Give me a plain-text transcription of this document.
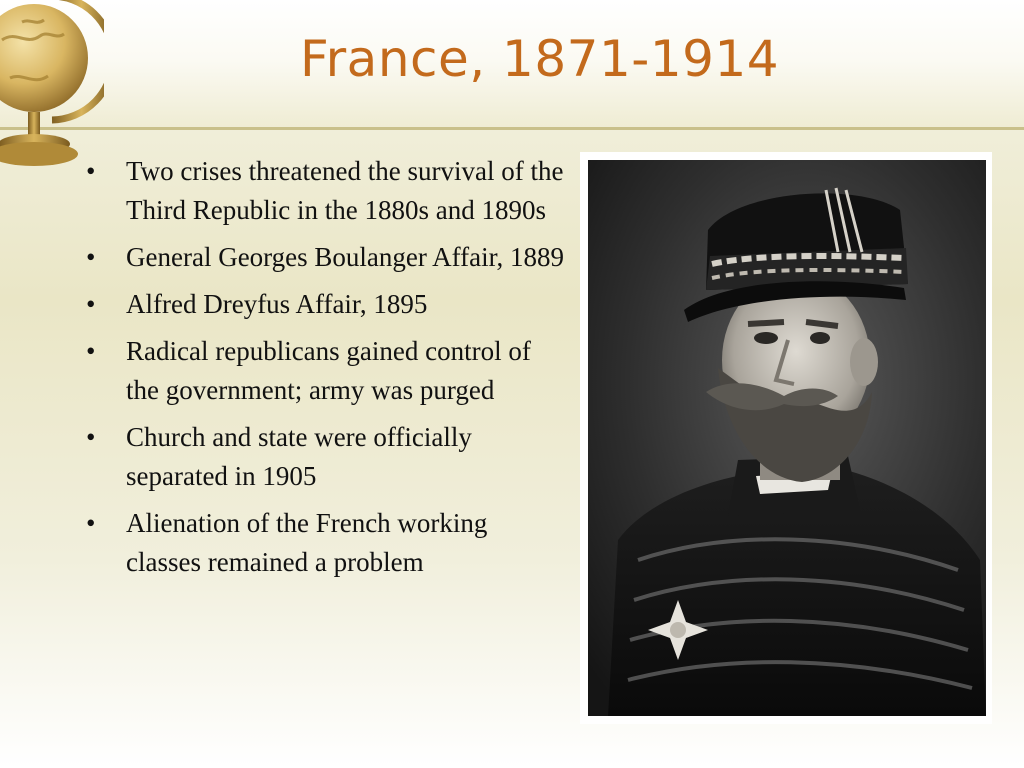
France, 1871-1914
•	Two crises threatened the survival of the Third Republic in the 1880s and 1890s
•	General Georges Boulanger Affair, 1889
•	Alfred Dreyfus Affair, 1895
•	Radical republicans gained control of the government; army was purged
•	Church and state were officially separated in 1905
•	Alienation of the French working classes remained a problem
